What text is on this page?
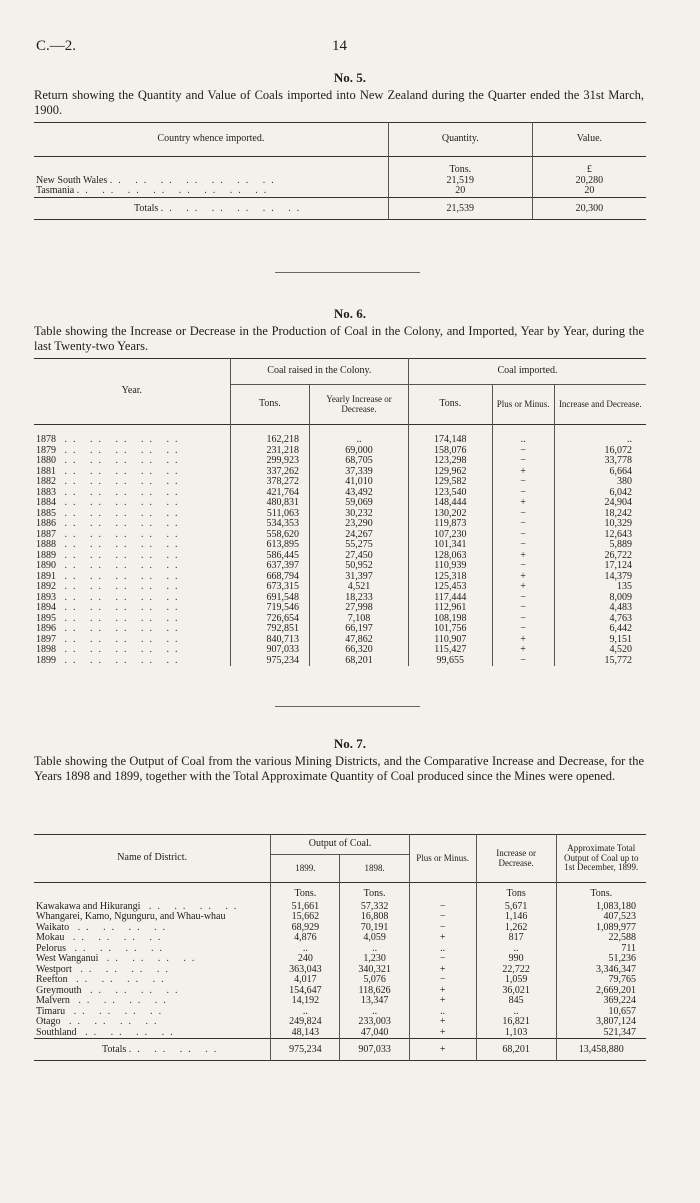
C.—2.	14
No. 5.
Return showing the Quantity and Value of Coals imported into New Zealand during the Quarter ended the 31st March, 1900.
Country whence imported.	Quantity.	Value.
	Tons.	£
New South Wales .. .. .. .. .. .. ..	21,519	20,280
Tasmania .. .. .. .. .. .. .. ..	20	20
Totals .. .. .. .. .. ..	21,539	20,300

No. 6.
Table showing the Increase or Decrease in the Production of Coal in the Colony, and Imported, Year by Year, during the last Twenty-two Years.
Year.	Coal raised in the Colony.		Coal imported.		
	Tons.	Yearly Increase or Decrease.	Tons.	Plus or Minus.	Increase and Decrease.
1878 .. .. .. .. ..	162,218	..	174,148	..	..
1879 .. .. .. .. ..	231,218	69,000	158,076	−	16,072
1880 .. .. .. .. ..	299,923	68,705	123,298	−	33,778
1881 .. .. .. .. ..	337,262	37,339	129,962	+	6,664
1882 .. .. .. .. ..	378,272	41,010	129,582	−	380
1883 .. .. .. .. ..	421,764	43,492	123,540	−	6,042
1884 .. .. .. .. ..	480,831	59,069	148,444	+	24,904
1885 .. .. .. .. ..	511,063	30,232	130,202	−	18,242
1886 .. .. .. .. ..	534,353	23,290	119,873	−	10,329
1887 .. .. .. .. ..	558,620	24,267	107,230	−	12,643
1888 .. .. .. .. ..	613,895	55,275	101,341	−	5,889
1889 .. .. .. .. ..	586,445	27,450	128,063	+	26,722
1890 .. .. .. .. ..	637,397	50,952	110,939	−	17,124
1891 .. .. .. .. ..	668,794	31,397	125,318	+	14,379
1892 .. .. .. .. ..	673,315	4,521	125,453	+	135
1893 .. .. .. .. ..	691,548	18,233	117,444	−	8,009
1894 .. .. .. .. ..	719,546	27,998	112,961	−	4,483
1895 .. .. .. .. ..	726,654	7,108	108,198	−	4,763
1896 .. .. .. .. ..	792,851	66,197	101,756	−	6,442
1897 .. .. .. .. ..	840,713	47,862	110,907	+	9,151
1898 .. .. .. .. ..	907,033	66,320	115,427	+	4,520
1899 .. .. .. .. ..	975,234	68,201	99,655	−	15,772
No. 7.
Table showing the Output of Coal from the various Mining Districts, and the Comparative Increase and Decrease, for the Years 1898 and 1899, together with the Total Approximate Quantity of Coal produced since the Mines were opened.
Name of District.	Output of Coal.		Plus or Minus.	Increase or Decrease.	Approximate Total Output of Coal up to 1st December, 1899.
	1899.	1898.			
	Tons.	Tons.		Tons	Tons.
Kawakawa and Hikurangi .. .. .. ..	51,661	57,332	−	5,671	1,083,180
Whangarei, Kamo, Ngunguru, and Whau-whau	15,662	16,808	−	1,146	407,523
Waikato .. .. .. ..	68,929	70,191	−	1,262	1,089,977
Mokau .. .. .. ..	4,876	4,059	+	817	22,588
Pelorus .. .. .. ..	..	..	..	..	711
West Wanganui .. .. .. ..	240	1,230	−	990	51,236
Westport .. .. .. ..	363,043	340,321	+	22,722	3,346,347
Reefton .. .. .. ..	4,017	5,076	−	1,059	79,765
Greymouth .. .. .. ..	154,647	118,626	+	36,021	2,669,201
Malvern .. .. .. ..	14,192	13,347	+	845	369,224
Timaru .. .. .. ..	..	..	..	..	10,657
Otago .. .. .. ..	249,824	233,003	+	16,821	3,807,124
Southland .. .. .. ..	48,143	47,040	+	1,103	521,347
Totals .. .. .. ..	975,234	907,033	+	68,201	13,458,880
